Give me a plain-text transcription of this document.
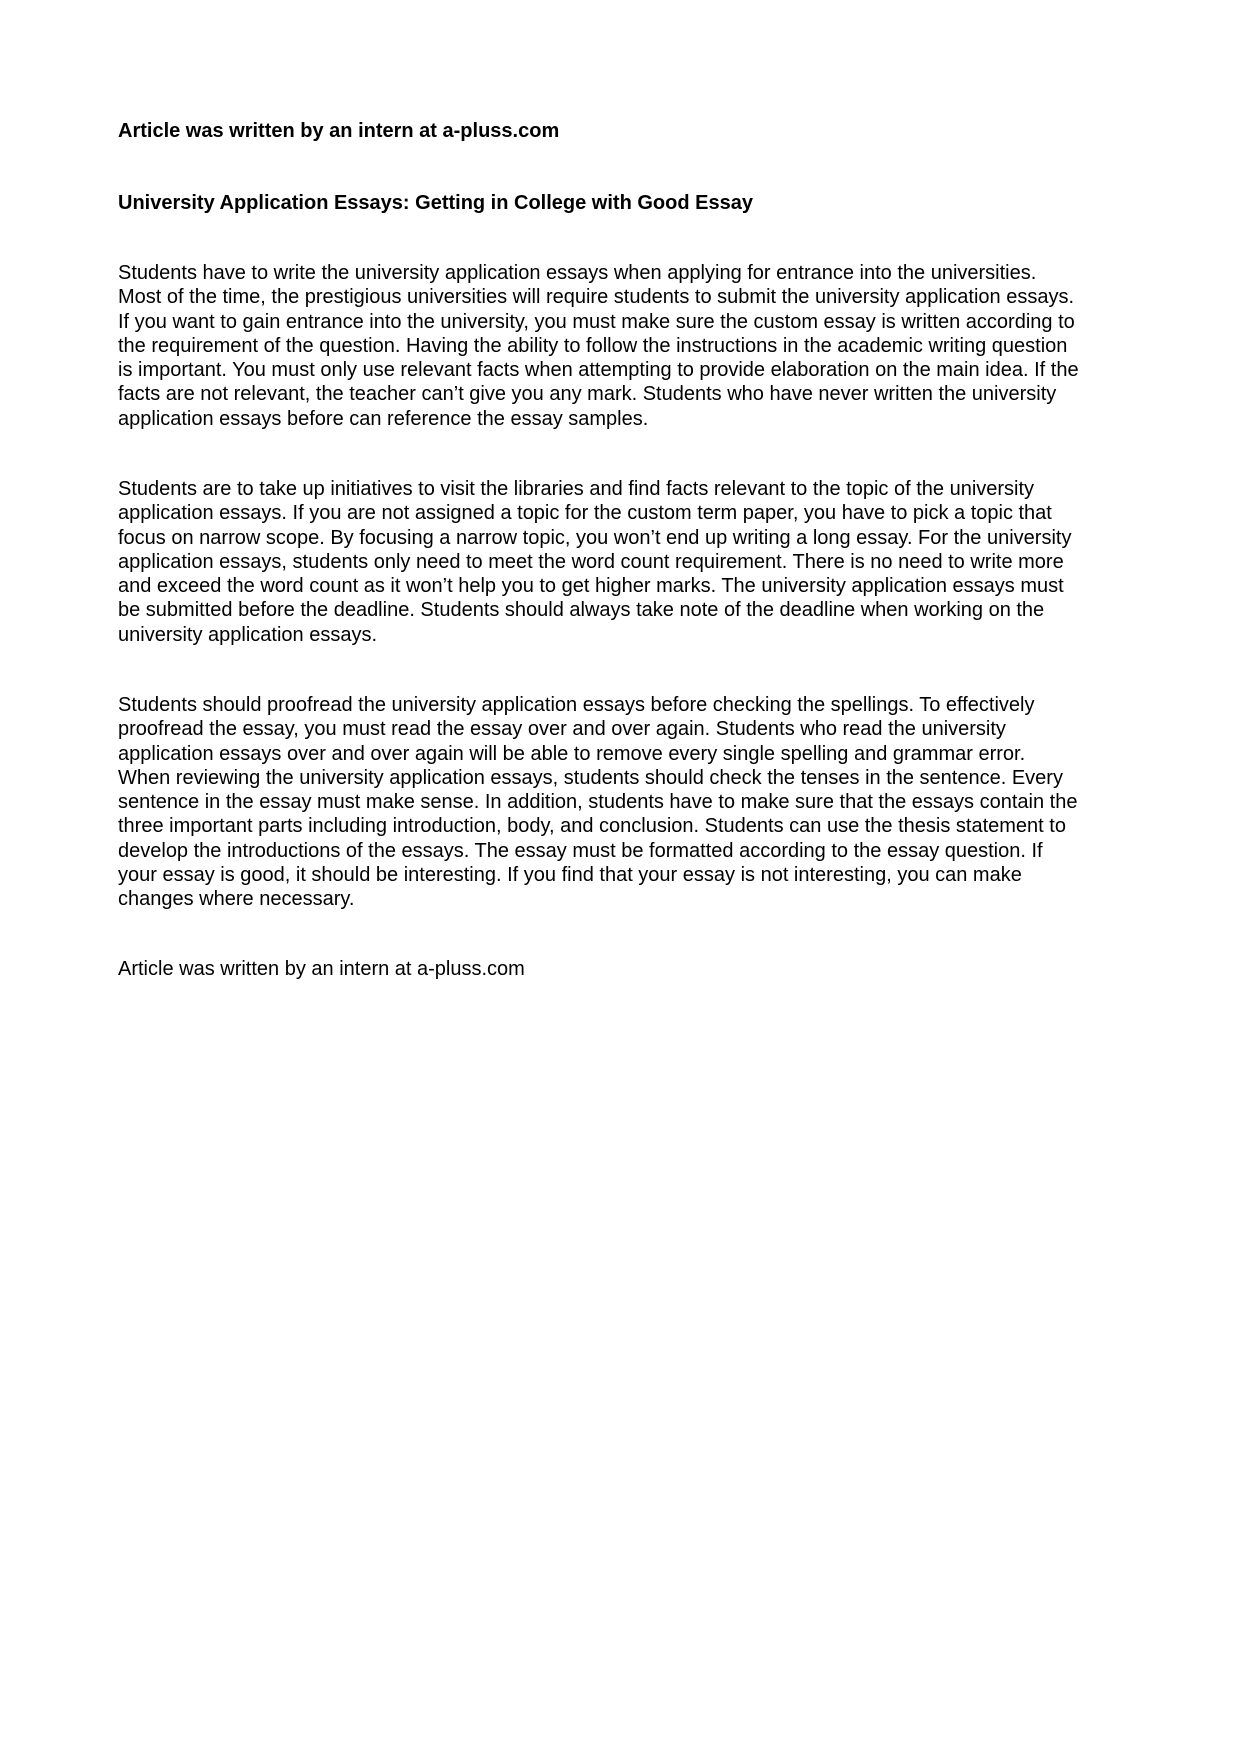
Article was written by an intern at a-pluss.com
University Application Essays: Getting in College with Good Essay
Students have to write the university application essays when applying for entrance into the universities.
Most of the time, the prestigious universities will require students to submit the university application essays.
If you want to gain entrance into the university, you must make sure the custom essay is written according to
the requirement of the question. Having the ability to follow the instructions in the academic writing question
is important. You must only use relevant facts when attempting to provide elaboration on the main idea. If the
facts are not relevant, the teacher can’t give you any mark. Students who have never written the university
application essays before can reference the essay samples.
Students are to take up initiatives to visit the libraries and find facts relevant to the topic of the university
application essays. If you are not assigned a topic for the custom term paper, you have to pick a topic that
focus on narrow scope. By focusing a narrow topic, you won’t end up writing a long essay. For the university
application essays, students only need to meet the word count requirement. There is no need to write more
and exceed the word count as it won’t help you to get higher marks. The university application essays must
be submitted before the deadline. Students should always take note of the deadline when working on the
university application essays.
Students should proofread the university application essays before checking the spellings. To effectively
proofread the essay, you must read the essay over and over again. Students who read the university
application essays over and over again will be able to remove every single spelling and grammar error.
When reviewing the university application essays, students should check the tenses in the sentence. Every
sentence in the essay must make sense. In addition, students have to make sure that the essays contain the
three important parts including introduction, body, and conclusion. Students can use the thesis statement to
develop the introductions of the essays. The essay must be formatted according to the essay question. If
your essay is good, it should be interesting. If you find that your essay is not interesting, you can make
changes where necessary.
Article was written by an intern at a-pluss.com
